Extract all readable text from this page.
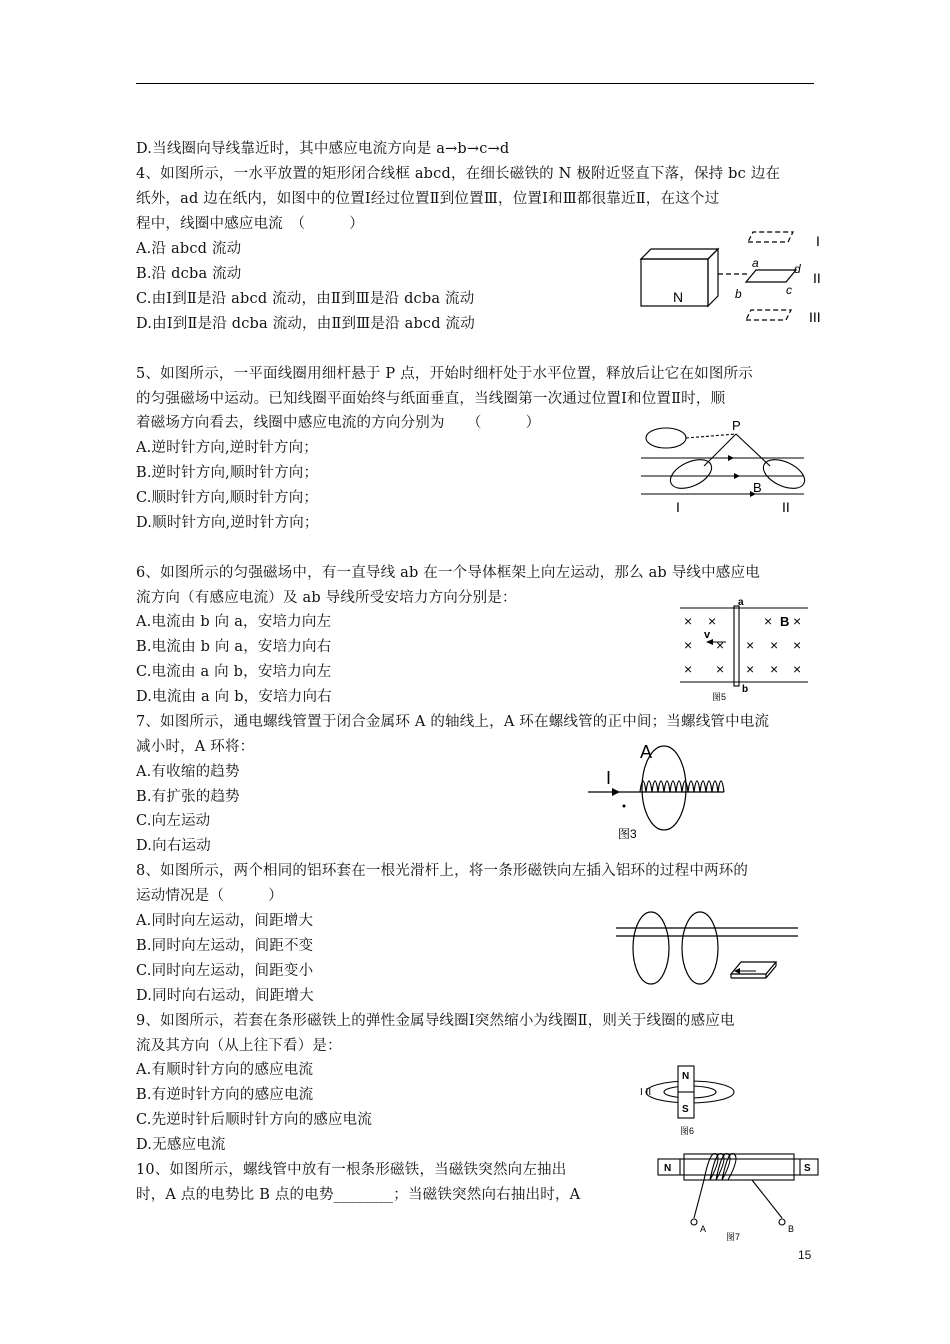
D.当线圈向导线靠近时，其中感应电流方向是 a→b→c→d
4、如图所示，一水平放置的矩形闭合线框 abcd，在细长磁铁的 N 极附近竖直下落，保持 bc 边在
纸外，ad 边在纸内，如图中的位置Ⅰ经过位置Ⅱ到位置Ⅲ，位置Ⅰ和Ⅲ都很靠近Ⅱ，在这个过
程中，线圈中感应电流　（　　　）
A.沿 abcd 流动
B.沿 dcba 流动
C.由Ⅰ到Ⅱ是沿 abcd 流动，由Ⅱ到Ⅲ是沿 dcba 流动
D.由Ⅰ到Ⅱ是沿 dcba 流动，由Ⅱ到Ⅲ是沿 abcd 流动
5、如图所示，一平面线圈用细杆悬于 P 点，开始时细杆处于水平位置，释放后让它在如图所示
的匀强磁场中运动。已知线圈平面始终与纸面垂直，当线圈第一次通过位置Ⅰ和位置Ⅱ时，顺
着磁场方向看去，线圈中感应电流的方向分别为　　（　　　）
A.逆时针方向,逆时针方向；
B.逆时针方向,顺时针方向；
C.顺时针方向,顺时针方向；
D.顺时针方向,逆时针方向；
6、如图所示的匀强磁场中，有一直导线 ab 在一个导体框架上向左运动，那么 ab 导线中感应电
流方向（有感应电流）及 ab 导线所受安培力方向分别是：
A.电流由 b 向 a，安培力向左
B.电流由 b 向 a，安培力向右
C.电流由 a 向 b，安培力向左
D.电流由 a 向 b，安培力向右
7、如图所示，通电螺线管置于闭合金属环 A 的轴线上，A 环在螺线管的正中间；当螺线管中电流
减小时，A 环将：
A.有收缩的趋势
B.有扩张的趋势
C.向左运动
D.向右运动
8、如图所示，两个相同的铝环套在一根光滑杆上，将一条形磁铁向左插入铝环的过程中两环的
运动情况是（　　　）
A.同时向左运动，间距增大
B.同时向左运动，间距不变
C.同时向左运动，间距变小
D.同时向右运动，间距增大
9、如图所示，若套在条形磁铁上的弹性金属导线圈Ⅰ突然缩小为线圈Ⅱ，则关于线圈的感应电
流及其方向（从上往下看）是：
A.有顺时针方向的感应电流
B.有逆时针方向的感应电流
C.先逆时针后顺时针方向的感应电流
D.无感应电流
10、如图所示，螺线管中放有一根条形磁铁，当磁铁突然向左抽出
时，A 点的电势比 B 点的电势________；当磁铁突然向右抽出时，A
15
N
a
b	c
d
I
II
III
P
B
I	II
× ×	× ×
× × × × ×
× × × × ×
v
B
a
b
图5
A
I
图3
N
S
I II
图6
N	S
A	B
图7
